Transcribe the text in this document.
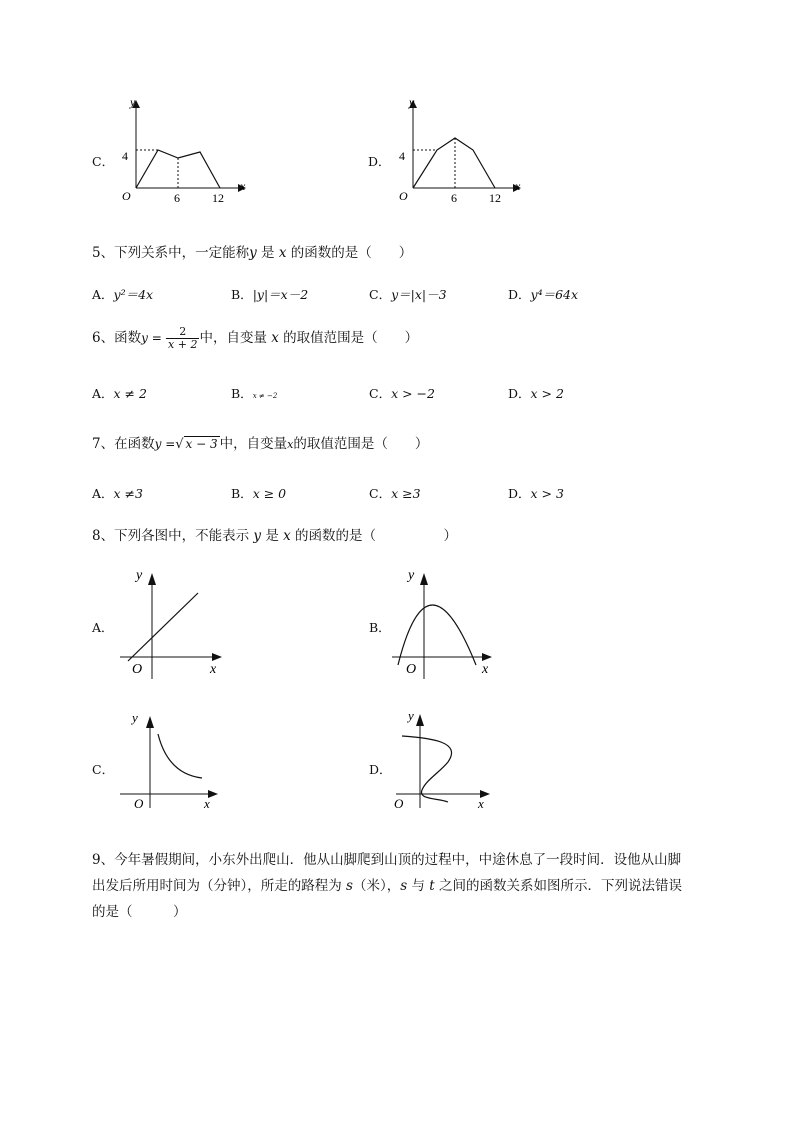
C．
y
x
O
4
6	12
D．
y
x
O
4
6	12
5、下列关系中，一定能称y 是 x 的函数的是（　　）
A．y²＝4x	B．|y|＝x－2	C．y＝|x|－3	D．y⁴＝64x
6、函数$y = \frac{2}{x + 2}$ 中，自变量 x 的取值范围是（　　）
A．x ≠ 2	B．x ≠ −2	C．x > −2	D．x > 2
7、在函数y =√ x − 3 中，自变量x的取值范围是（　　）
A．x ≠3	B．x ≥ 0	C．x ≥3	D．x > 3
8、下列各图中，不能表示 y 是 x 的函数的是（　　　　　）
A．
y
x
O
B．
y
x
O
C．
y
x
O
D．
y
x
O
9、今年暑假期间，小东外出爬山．他从山脚爬到山顶的过程中，中途休息了一段时间．设他从山脚
出发后所用时间为（分钟），所走的路程为 s（米），s 与 t 之间的函数关系如图所示．下列说法错误
的是（　　　）
